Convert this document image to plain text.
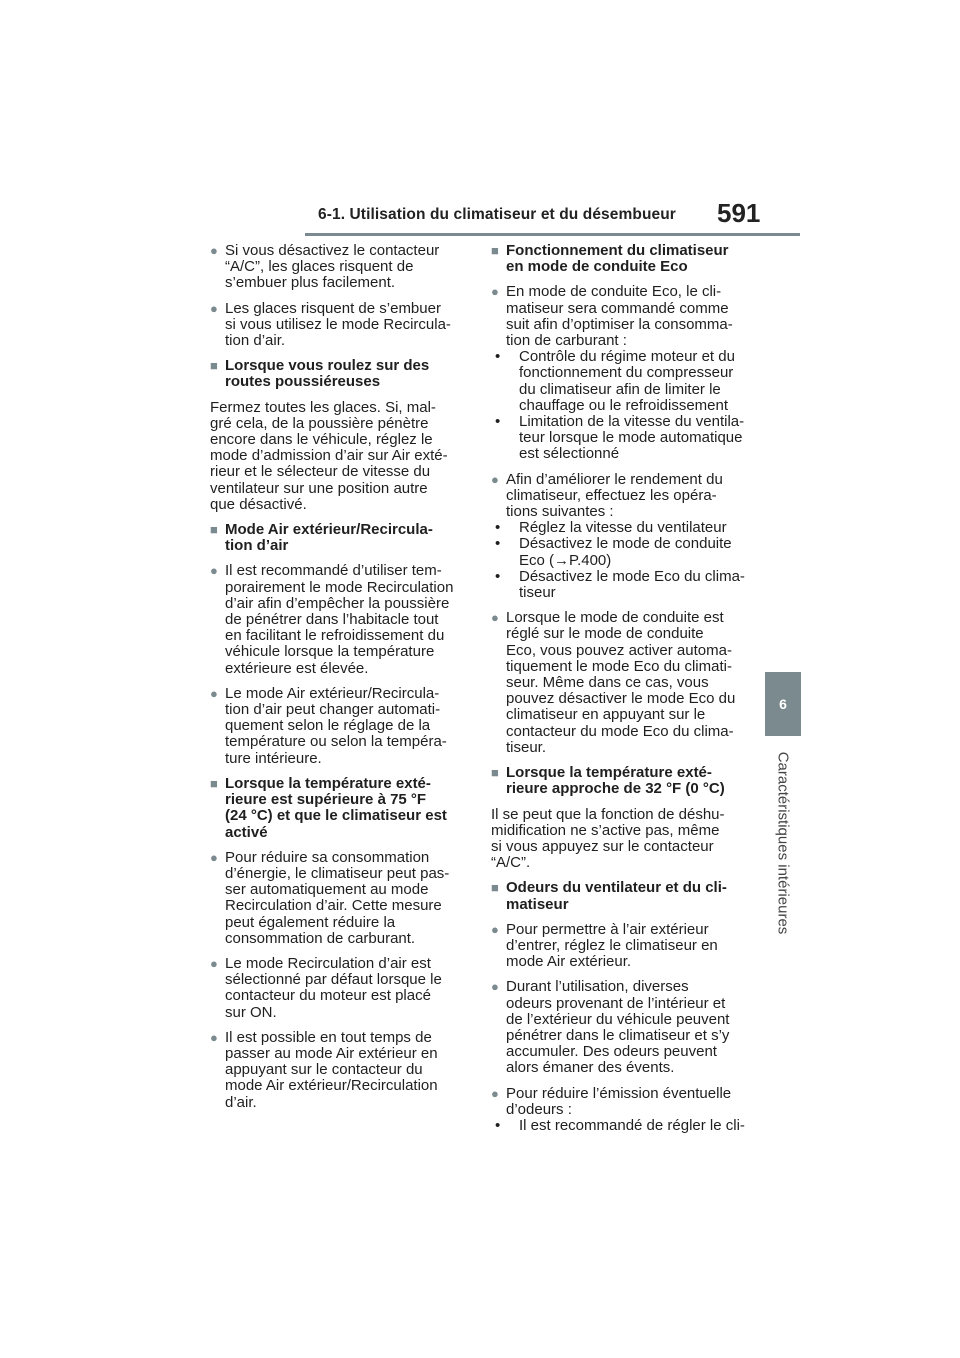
6-1. Utilisation du climatiseur et du désembueur 591
6
Caractéristiques intérieures
● Si vous désactivez le contacteur
“A/C”, les glaces risquent de
s’embuer plus facilement.
● Les glaces risquent de s’embuer
si vous utilisez le mode Recircula-
tion d’air.
■ Lorsque vous roulez sur des
routes poussiéreuses
Fermez toutes les glaces. Si, mal-
gré cela, de la poussière pénètre
encore dans le véhicule, réglez le
mode d’admission d’air sur Air exté-
rieur et le sélecteur de vitesse du
ventilateur sur une position autre
que désactivé.
■ Mode Air extérieur/Recircula-
tion d’air
● Il est recommandé d’utiliser tem-
porairement le mode Recirculation
d’air afin d’empêcher la poussière
de pénétrer dans l’habitacle tout
en facilitant le refroidissement du
véhicule lorsque la température
extérieure est élevée.
● Le mode Air extérieur/Recircula-
tion d’air peut changer automati-
quement selon le réglage de la
température ou selon la tempéra-
ture intérieure.
■ Lorsque la température exté-
rieure est supérieure à 75 °F
(24 °C) et que le climatiseur est
activé
● Pour réduire sa consommation
d’énergie, le climatiseur peut pas-
ser automatiquement au mode
Recirculation d’air. Cette mesure
peut également réduire la
consommation de carburant.
● Le mode Recirculation d’air est
sélectionné par défaut lorsque le
contacteur du moteur est placé
sur ON.
● Il est possible en tout temps de
passer au mode Air extérieur en
appuyant sur le contacteur du
mode Air extérieur/Recirculation
d’air.
■ Fonctionnement du climatiseur
en mode de conduite Eco
● En mode de conduite Eco, le cli-
matiseur sera commandé comme
suit afin d’optimiser la consomma-
tion de carburant :
• Contrôle du régime moteur et du
fonctionnement du compresseur
du climatiseur afin de limiter le
chauffage ou le refroidissement
• Limitation de la vitesse du ventila-
teur lorsque le mode automatique
est sélectionné
● Afin d’améliorer le rendement du
climatiseur, effectuez les opéra-
tions suivantes :
• Réglez la vitesse du ventilateur
• Désactivez le mode de conduite
Eco (→P.400)
• Désactivez le mode Eco du clima-
tiseur
● Lorsque le mode de conduite est
réglé sur le mode de conduite
Eco, vous pouvez activer automa-
tiquement le mode Eco du climati-
seur. Même dans ce cas, vous
pouvez désactiver le mode Eco du
climatiseur en appuyant sur le
contacteur du mode Eco du clima-
tiseur.
■ Lorsque la température exté-
rieure approche de 32 °F (0 °C)
Il se peut que la fonction de déshu-
midification ne s’active pas, même
si vous appuyez sur le contacteur
“A/C”.
■ Odeurs du ventilateur et du cli-
matiseur
● Pour permettre à l’air extérieur
d’entrer, réglez le climatiseur en
mode Air extérieur.
● Durant l’utilisation, diverses
odeurs provenant de l’intérieur et
de l’extérieur du véhicule peuvent
pénétrer dans le climatiseur et s’y
accumuler. Des odeurs peuvent
alors émaner des évents.
● Pour réduire l’émission éventuelle
d’odeurs :
• Il est recommandé de régler le cli-
